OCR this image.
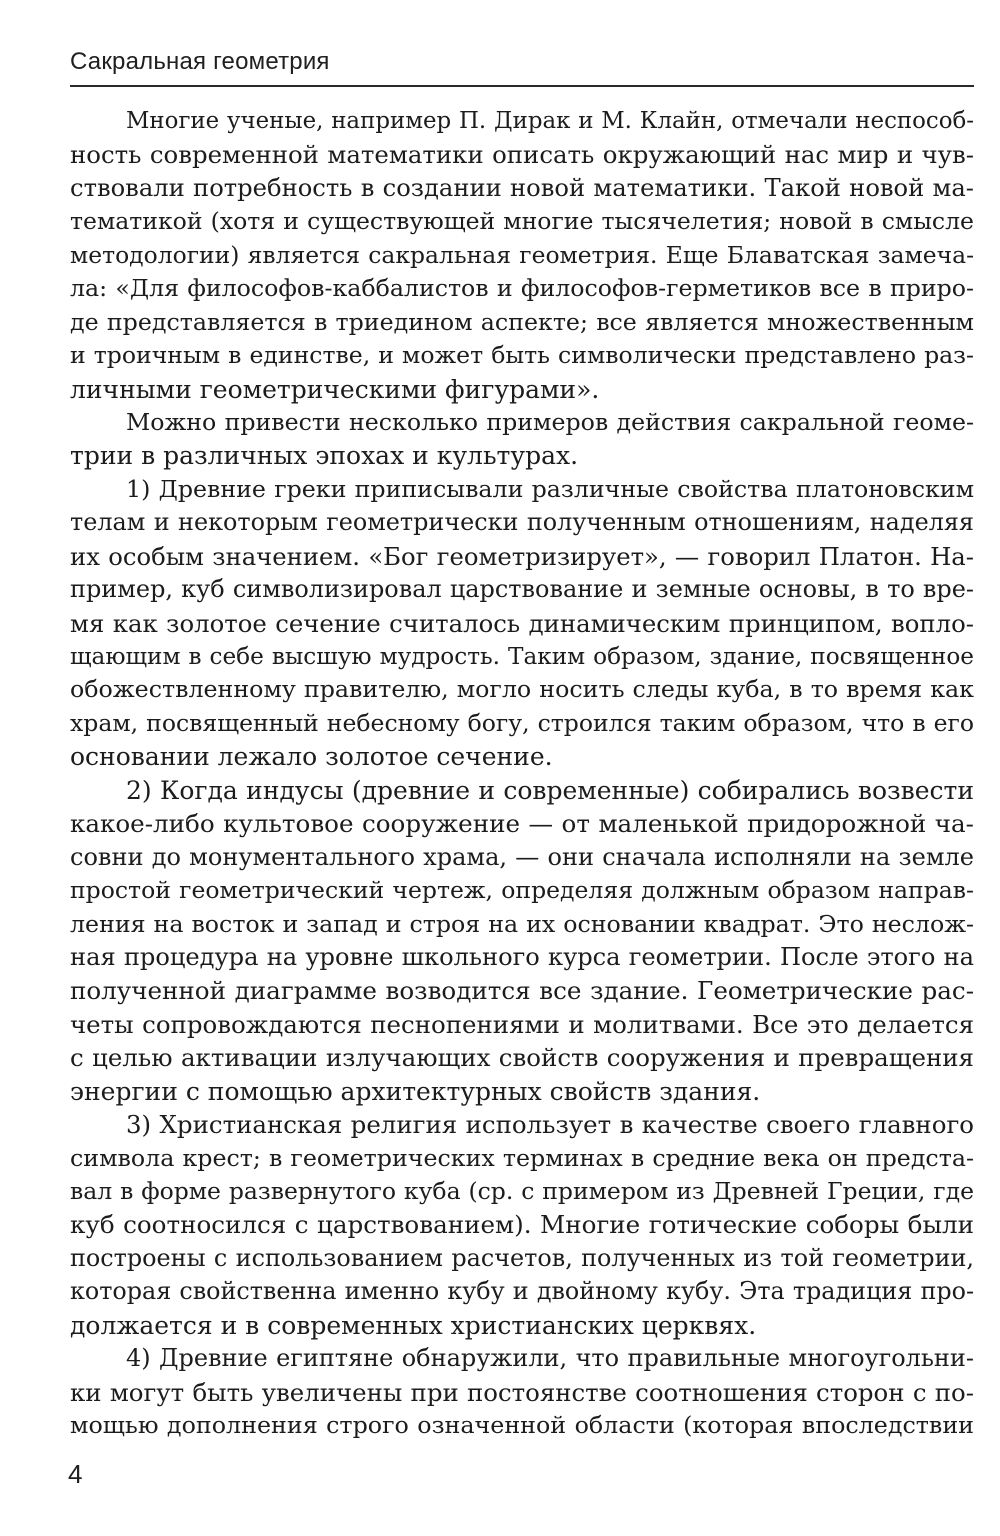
Сакральная геометрия
Многие ученые, например П. Дирак и М. Клайн, отмечали неспособ-
ность современной математики описать окружающий нас мир и чув-
ствовали потребность в создании новой математики. Такой новой ма-
тематикой (хотя и существующей многие тысячелетия; новой в смысле
методологии) является сакральная геометрия. Еще Блаватская замеча-
ла: «Для философов-каббалистов и философов-герметиков все в приро-
де представляется в триедином аспекте; все является множественным
и троичным в единстве, и может быть символически представлено раз-
личными геометрическими фигурами».
Можно привести несколько примеров действия сакральной геоме-
трии в различных эпохах и культурах.
1) Древние греки приписывали различные свойства платоновским
телам и некоторым геометрически полученным отношениям, наделяя
их особым значением. «Бог геометризирует», — говорил Платон. На-
пример, куб символизировал царствование и земные основы, в то вре-
мя как золотое сечение считалось динамическим принципом, вопло-
щающим в себе высшую мудрость. Таким образом, здание, посвященное
обожествленному правителю, могло носить следы куба, в то время как
храм, посвященный небесному богу, строился таким образом, что в его
основании лежало золотое сечение.
2) Когда индусы (древние и современные) собирались возвести
какое-либо культовое сооружение — от маленькой придорожной ча-
совни до монументального храма, — они сначала исполняли на земле
простой геометрический чертеж, определяя должным образом направ-
ления на восток и запад и строя на их основании квадрат. Это неслож-
ная процедура на уровне школьного курса геометрии. После этого на
полученной диаграмме возводится все здание. Геометрические рас-
четы сопровождаются песнопениями и молитвами. Все это делается
с целью активации излучающих свойств сооружения и превращения
энергии с помощью архитектурных свойств здания.
3) Христианская религия использует в качестве своего главного
символа крест; в геометрических терминах в средние века он предста-
вал в форме развернутого куба (ср. с примером из Древней Греции, где
куб соотносился с царствованием). Многие готические соборы были
построены с использованием расчетов, полученных из той геометрии,
которая свойственна именно кубу и двойному кубу. Эта традиция про-
должается и в современных христианских церквях.
4) Древние египтяне обнаружили, что правильные многоугольни-
ки могут быть увеличены при постоянстве соотношения сторон с по-
мощью дополнения строго означенной области (которая впоследствии
4
